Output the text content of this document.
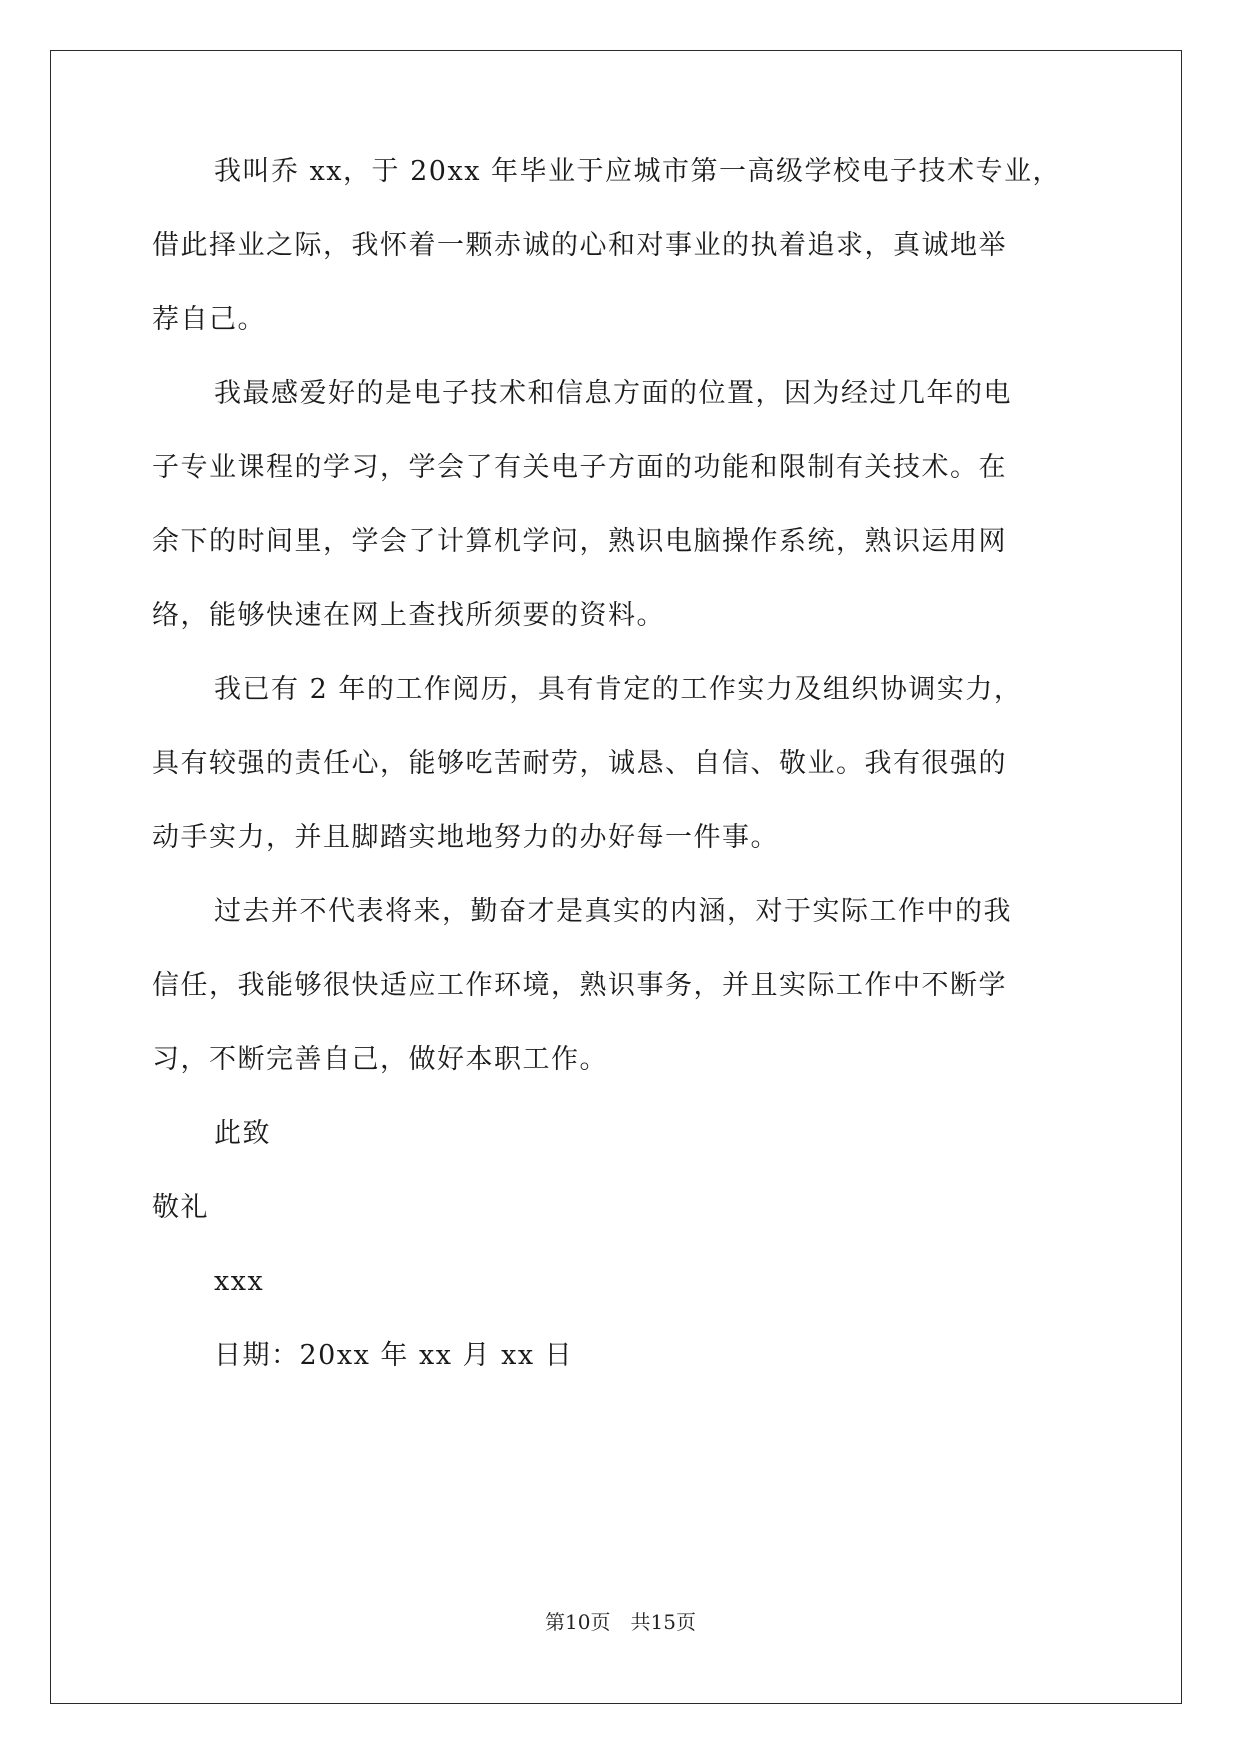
我叫乔 xx，于 20xx 年毕业于应城市第一高级学校电子技术专业，
借此择业之际，我怀着一颗赤诚的心和对事业的执着追求，真诚地举
荐自己。
我最感爱好的是电子技术和信息方面的位置，因为经过几年的电
子专业课程的学习，学会了有关电子方面的功能和限制有关技术。在
余下的时间里，学会了计算机学问，熟识电脑操作系统，熟识运用网
络，能够快速在网上查找所须要的资料。
我已有 2 年的工作阅历，具有肯定的工作实力及组织协调实力，
具有较强的责任心，能够吃苦耐劳，诚恳、自信、敬业。我有很强的
动手实力，并且脚踏实地地努力的办好每一件事。
过去并不代表将来，勤奋才是真实的内涵，对于实际工作中的我
信任，我能够很快适应工作环境，熟识事务，并且实际工作中不断学
习，不断完善自己，做好本职工作。
此致
敬礼
xxx
日期：20xx 年 xx 月 xx 日
第10页　共15页
